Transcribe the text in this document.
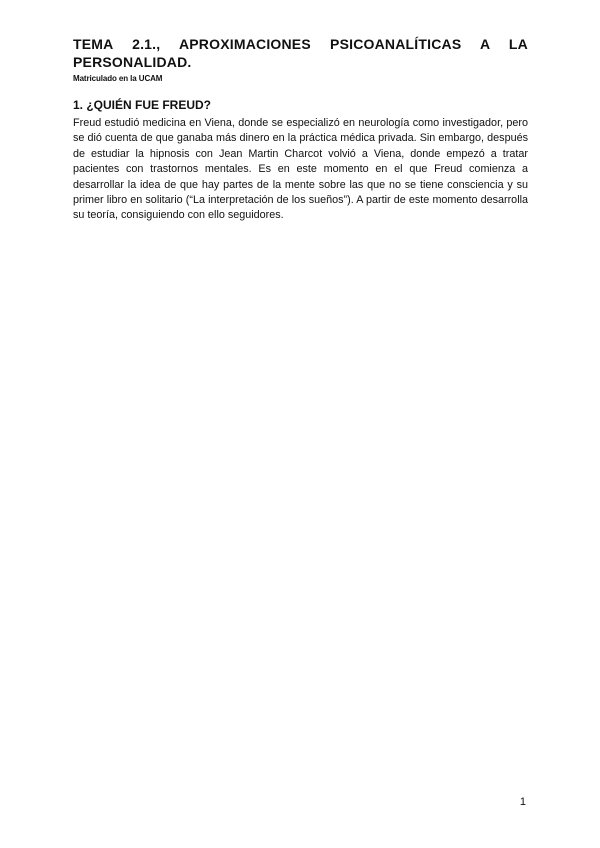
TEMA 2.1., APROXIMACIONES PSICOANALÍTICAS A LA PERSONALIDAD.
Matriculado en la UCAM
1. ¿QUIÉN FUE FREUD?

Freud estudió medicina en Viena, donde se especializó en neurología como investigador, pero se dió cuenta de que ganaba más dinero en la práctica médica privada. Sin embargo, después de estudiar la hipnosis con Jean Martin Charcot volvió a Viena, donde empezó a tratar pacientes con trastornos mentales. Es en este momento en el que Freud comienza a desarrollar la idea de que hay partes de la mente sobre las que no se tiene consciencia y su primer libro en solitario (“La interpretación de los sueños”). A partir de este momento desarrolla su teoría, consiguiendo con ello seguidores.

1
